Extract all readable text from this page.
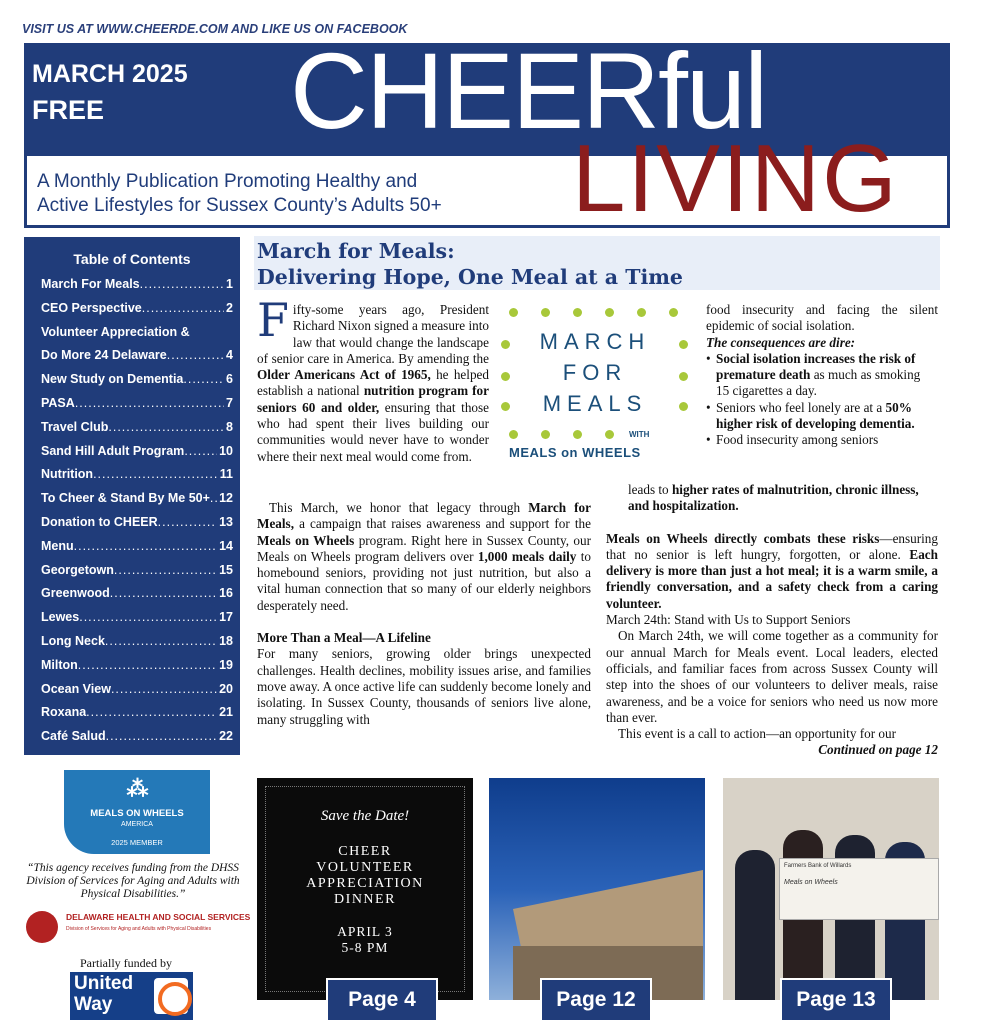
VISIT US AT WWW.CHEERDE.COM AND LIKE US ON FACEBOOK
MARCH 2025
FREE CHEERful
A Monthly Publication Promoting Healthy and
Active Lifestyles for Sussex County’s Adults 50+	LIVING
Table of Contents
March For Meals .....	1
CEO Perspective .....	2
Volunteer Appreciation &
Do More 24 Delaware .....	4
New Study on Dementia .....	6
PASA .....	7
Travel Club .....	8
Sand Hill Adult Program .....	10
Nutrition .....	11
To Cheer & Stand By Me 50+ ..... 12
Donation to CHEER .....	13
Menu .....	14
Georgetown .....	15
Greenwood .....	16
Lewes .....	17
Long Neck .....	18
Milton .....	19
Ocean View .....	20
Roxana .....	21
Café Salud .....	22
⁂
MEALS ON WHEELS
AMERICA
2025 MEMBER
“This agency receives funding from the DHSS Division of Services for Aging and Adults with Physical Disabilities.”
DELAWARE HEALTH AND SOCIAL SERVICES
Division of Services for Aging and Adults with Physical Disabilities
Partially funded by
United
Way
March for Meals:
Delivering Hope, One Meal at a Time
MARCH
FOR
MEALS
WITH
MEALS on WHEELS
F ifty-some years ago, President Richard Nixon signed a measure into law that would change the landscape of senior care in America. By amending the Older Americans Act of 1965, he helped establish a national nutrition program for seniors 60 and older, ensuring that those who had spent their lives building our communities would never have to wonder where their next meal would come from.

This March, we honor that legacy through March for Meals, a campaign that raises awareness and support for the Meals on Wheels program. Right here in Sussex County, our Meals on Wheels program delivers over 1,000 meals daily to homebound seniors, providing not just nutrition, but also a vital human connection that so many of our elderly neighbors desperately need.

More Than a Meal—A Lifeline

For many seniors, growing older brings unexpected challenges. Health declines, mobility issues arise, and families move away. A once active life can suddenly become lonely and isolating. In Sussex County, thousands of seniors live alone, many struggling with

food insecurity and facing the silent epidemic of social isolation.

The consequences are dire:

• Social isolation increases the risk of premature death as much as smoking
15 cigarettes a day.
• Seniors who feel lonely are at a 50% higher risk of developing dementia.
• Food insecurity among seniors

leads to higher rates of malnutrition, chronic illness, and hospitalization.

Meals on Wheels directly combats these risks—ensuring that no senior is left hungry, forgotten, or alone. Each delivery is more than just a hot meal; it is a warm smile, a friendly conversation, and a safety check from a caring volunteer.

March 24th: Stand with Us to Support Seniors

On March 24th, we will come together as a community for our annual March for Meals event. Local leaders, elected officials, and familiar faces from across Sussex County will step into the shoes of our volunteers to deliver meals, raise awareness, and be a voice for seniors who need us now more than ever.

This event is a call to action—an opportunity for our

Continued on page 12

Save the Date!
CHEER
VOLUNTEER
APPRECIATION
DINNER
APRIL 3
5-8 PM
Farmers Bank of Willards
Meals on Wheels
Page 4	Page 12	Page 13
